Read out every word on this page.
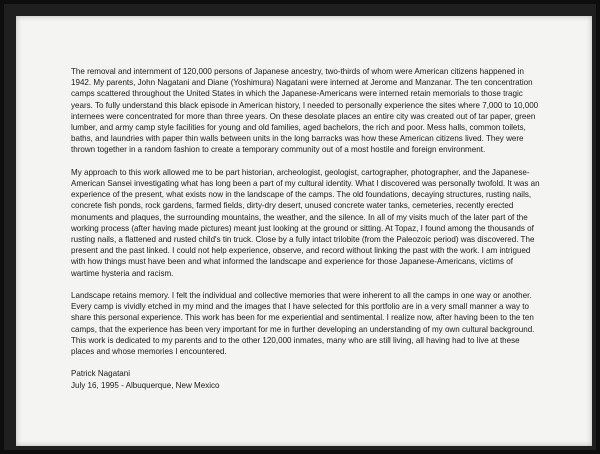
The removal and internment of 120,000 persons of Japanese ancestry, two-thirds of whom were American citizens happened in 1942. My parents, John Nagatani and Diane (Yoshimura) Nagatani were interned at Jerome and Manzanar. The ten concentration camps scattered throughout the United States in which the Japanese-Americans were interned retain memorials to those tragic years. To fully understand this black episode in American history, I needed to personally experience the sites where 7,000 to 10,000 internees were concentrated for more than three years. On these desolate places an entire city was created out of tar paper, green lumber, and army camp style facilities for young and old families, aged bachelors, the rich and poor. Mess halls, common toilets, baths, and laundries with paper thin walls between units in the long barracks was how these American citizens lived. They were thrown together in a random fashion to create a temporary community out of a most hostile and foreign environment.

My approach to this work allowed me to be part historian, archeologist, geologist, cartographer, photographer, and the Japanese-American Sansei investigating what has long been a part of my cultural identity. What I discovered was personally twofold. It was an experience of the present, what exists now in the landscape of the camps. The old foundations, decaying structures, rusting nails, concrete fish ponds, rock gardens, farmed fields, dirty-dry desert, unused concrete water tanks, cemeteries, recently erected monuments and plaques, the surrounding mountains, the weather, and the silence. In all of my visits much of the later part of the working process (after having made pictures) meant just looking at the ground or sitting. At Topaz, I found among the thousands of rusting nails, a flattened and rusted child's tin truck. Close by a fully intact trilobite (from the Paleozoic period) was discovered. The present and the past linked. I could not help experience, observe, and record without linking the past with the work. I am intrigued with how things must have been and what informed the landscape and experience for those Japanese-Americans, victims of wartime hysteria and racism.

Landscape retains memory. I felt the individual and collective memories that were inherent to all the camps in one way or another. Every camp is vividly etched in my mind and the images that I have selected for this portfolio are in a very small manner a way to share this personal experience. This work has been for me experiential and sentimental. I realize now, after having been to the ten camps, that the experience has been very important for me in further developing an understanding of my own cultural background. This work is dedicated to my parents and to the other 120,000 inmates, many who are still living, all having had to live at these places and whose memories I encountered.

Patrick Nagatani
July 16, 1995 - Albuquerque, New Mexico
